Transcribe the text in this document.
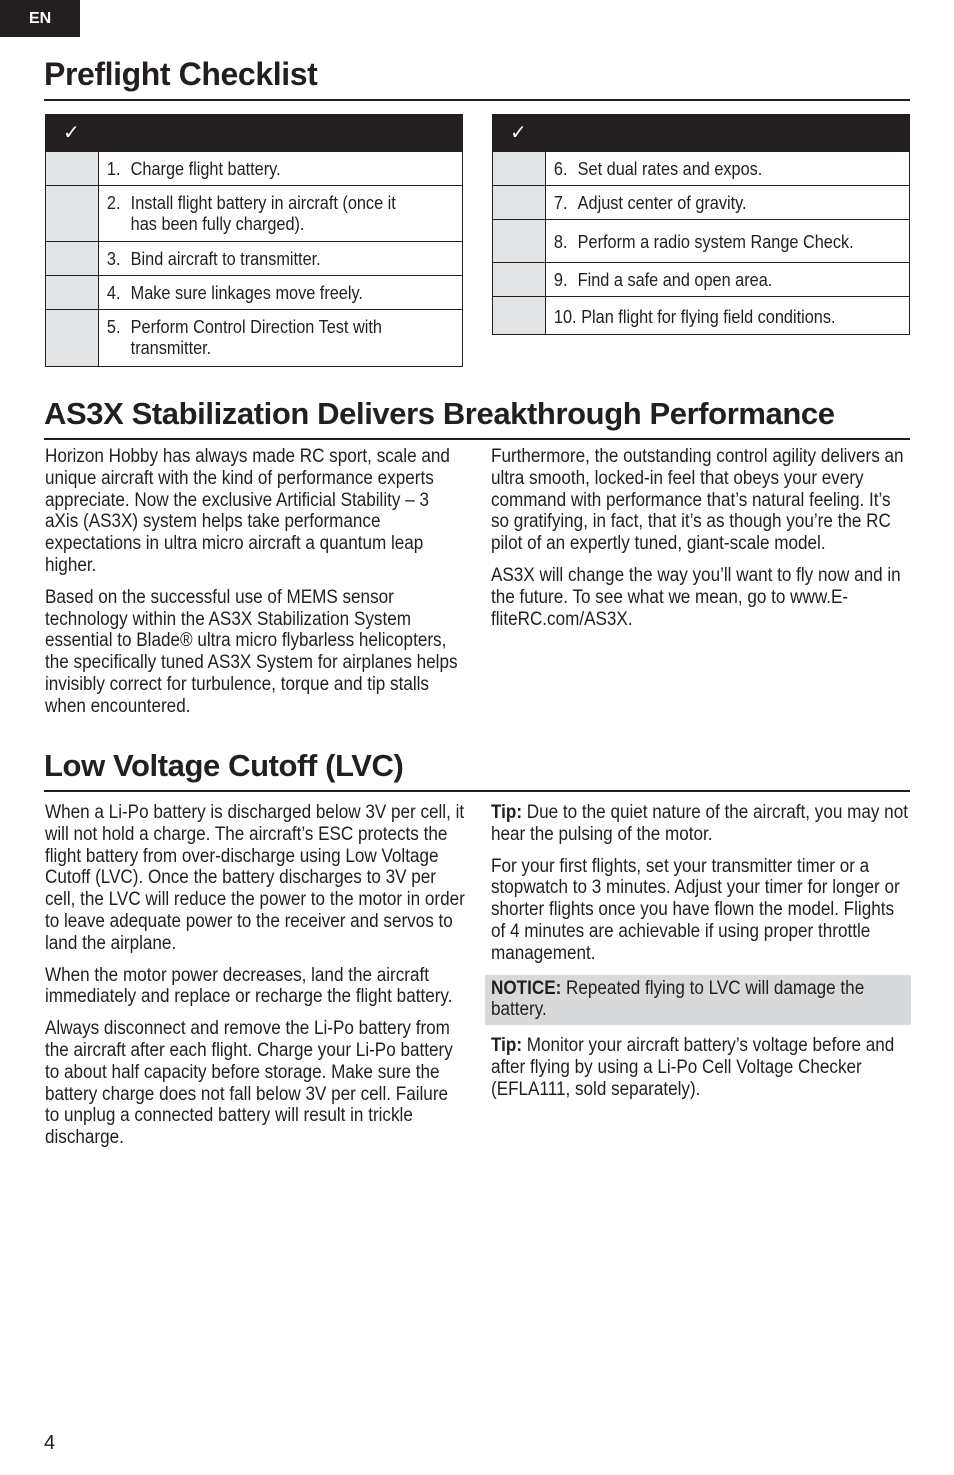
EN
Preflight Checklist
✓
1. Charge flight battery.
2. Install flight battery in aircraft (once it has been fully charged).
3. Bind aircraft to transmitter.
4. Make sure linkages move freely.
5. Perform Control Direction Test with transmitter.
✓
6. Set dual rates and expos.
7. Adjust center of gravity.
8. Perform a radio system Range Check.
9. Find a safe and open area.
10. Plan flight for flying field conditions.
AS3X Stabilization Delivers Breakthrough Performance

Horizon Hobby has always made RC sport, scale and unique aircraft with the kind of performance experts appreciate. Now the exclusive Artificial Stability – 3 aXis (AS3X) system helps take performance expectations in ultra micro aircraft a quantum leap higher.

Based on the successful use of MEMS sensor technology within the AS3X Stabilization System essential to Blade® ultra micro flybarless helicopters, the specifically tuned AS3X System for airplanes helps invisibly correct for turbulence, torque and tip stalls when encountered.

Furthermore, the outstanding control agility delivers an ultra smooth, locked-in feel that obeys your every command with performance that’s natural feeling. It’s so gratifying, in fact, that it’s as though you’re the RC pilot of an expertly tuned, giant-scale model.

AS3X will change the way you’ll want to fly now and in the future. To see what we mean, go to www.E-fliteRC.com/AS3X.

Low Voltage Cutoff (LVC)

When a Li-Po battery is discharged below 3V per cell, it will not hold a charge. The aircraft’s ESC protects the flight battery from over-discharge using Low Voltage Cutoff (LVC). Once the battery discharges to 3V per cell, the LVC will reduce the power to the motor in order to leave adequate power to the receiver and servos to land the airplane.

When the motor power decreases, land the aircraft immediately and replace or recharge the flight battery.

Always disconnect and remove the Li-Po battery from the aircraft after each flight. Charge your Li-Po battery to about half capacity before storage. Make sure the battery charge does not fall below 3V per cell. Failure to unplug a connected battery will result in trickle discharge.

Tip: Due to the quiet nature of the aircraft, you may not hear the pulsing of the motor.

For your first flights, set your transmitter timer or a stopwatch to 3 minutes. Adjust your timer for longer or shorter flights once you have flown the model. Flights of 4 minutes are achievable if using proper throttle management.

NOTICE: Repeated flying to LVC will damage the battery.

Tip: Monitor your aircraft battery’s voltage before and after flying by using a Li-Po Cell Voltage Checker (EFLA111, sold separately).

4
